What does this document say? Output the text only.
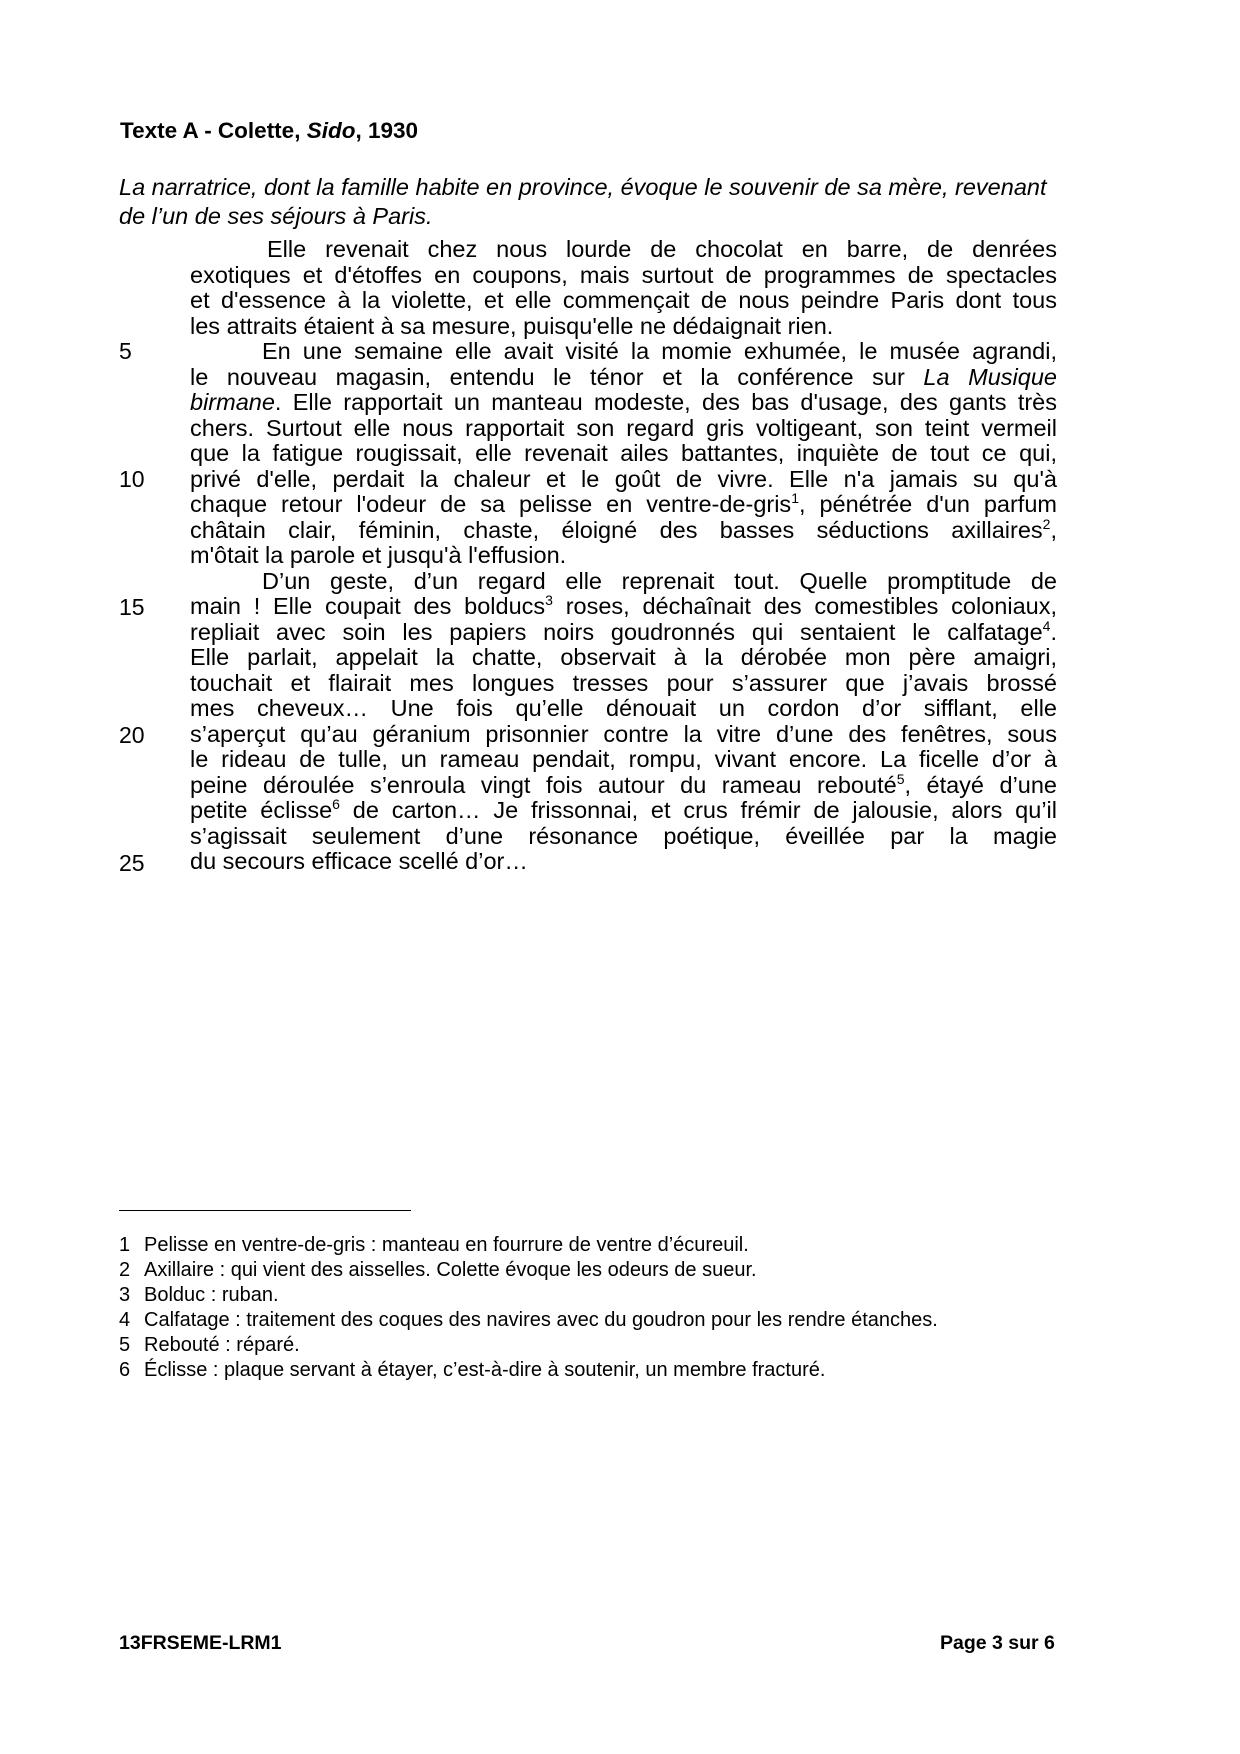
Texte A - Colette, Sido, 1930
La narratrice, dont la famille habite en province, évoque le souvenir de sa mère, revenant
de l’un de ses séjours à Paris.
5
10
15
20
25
Elle revenait chez nous lourde de chocolat en barre, de denrées
exotiques et d'étoffes en coupons, mais surtout de programmes de spectacles
et d'essence à la violette, et elle commençait de nous peindre Paris dont tous
les attraits étaient à sa mesure, puisqu'elle ne dédaignait rien.
En une semaine elle avait visité la momie exhumée, le musée agrandi,
le nouveau magasin, entendu le ténor et la conférence sur La Musique
birmane. Elle rapportait un manteau modeste, des bas d'usage, des gants très
chers. Surtout elle nous rapportait son regard gris voltigeant, son teint vermeil
que la fatigue rougissait, elle revenait ailes battantes, inquiète de tout ce qui,
privé d'elle, perdait la chaleur et le goût de vivre. Elle n'a jamais su qu'à
chaque retour l'odeur de sa pelisse en ventre-de-gris$^1$, pénétrée d'un parfum
châtain clair, féminin, chaste, éloigné des basses séductions axillaires$^2$,
m'ôtait la parole et jusqu'à l'effusion.
D’un geste, d’un regard elle reprenait tout. Quelle promptitude de
main ! Elle coupait des bolducs$^3$ roses, déchaînait des comestibles coloniaux,
repliait avec soin les papiers noirs goudronnés qui sentaient le calfatage$^4$.
Elle parlait, appelait la chatte, observait à la dérobée mon père amaigri,
touchait et flairait mes longues tresses pour s’assurer que j’avais brossé
mes cheveux… Une fois qu’elle dénouait un cordon d’or sifflant, elle
s’aperçut qu’au géranium prisonnier contre la vitre d’une des fenêtres, sous
le rideau de tulle, un rameau pendait, rompu, vivant encore. La ficelle d’or à
peine déroulée s’enroula vingt fois autour du rameau rebouté$^5$, étayé d’une
petite éclisse$^6$ de carton… Je frissonnai, et crus frémir de jalousie, alors qu’il
s’agissait seulement d’une résonance poétique, éveillée par la magie
du secours efficace scellé d’or…
1 Pelisse en ventre-de-gris : manteau en fourrure de ventre d’écureuil.
2 Axillaire : qui vient des aisselles. Colette évoque les odeurs de sueur.
3 Bolduc : ruban.
4 Calfatage : traitement des coques des navires avec du goudron pour les rendre étanches.
5 Rebouté : réparé.
6 Éclisse : plaque servant à étayer, c’est-à-dire à soutenir, un membre fracturé.
13FRSEME-LRM1	Page 3 sur 6
